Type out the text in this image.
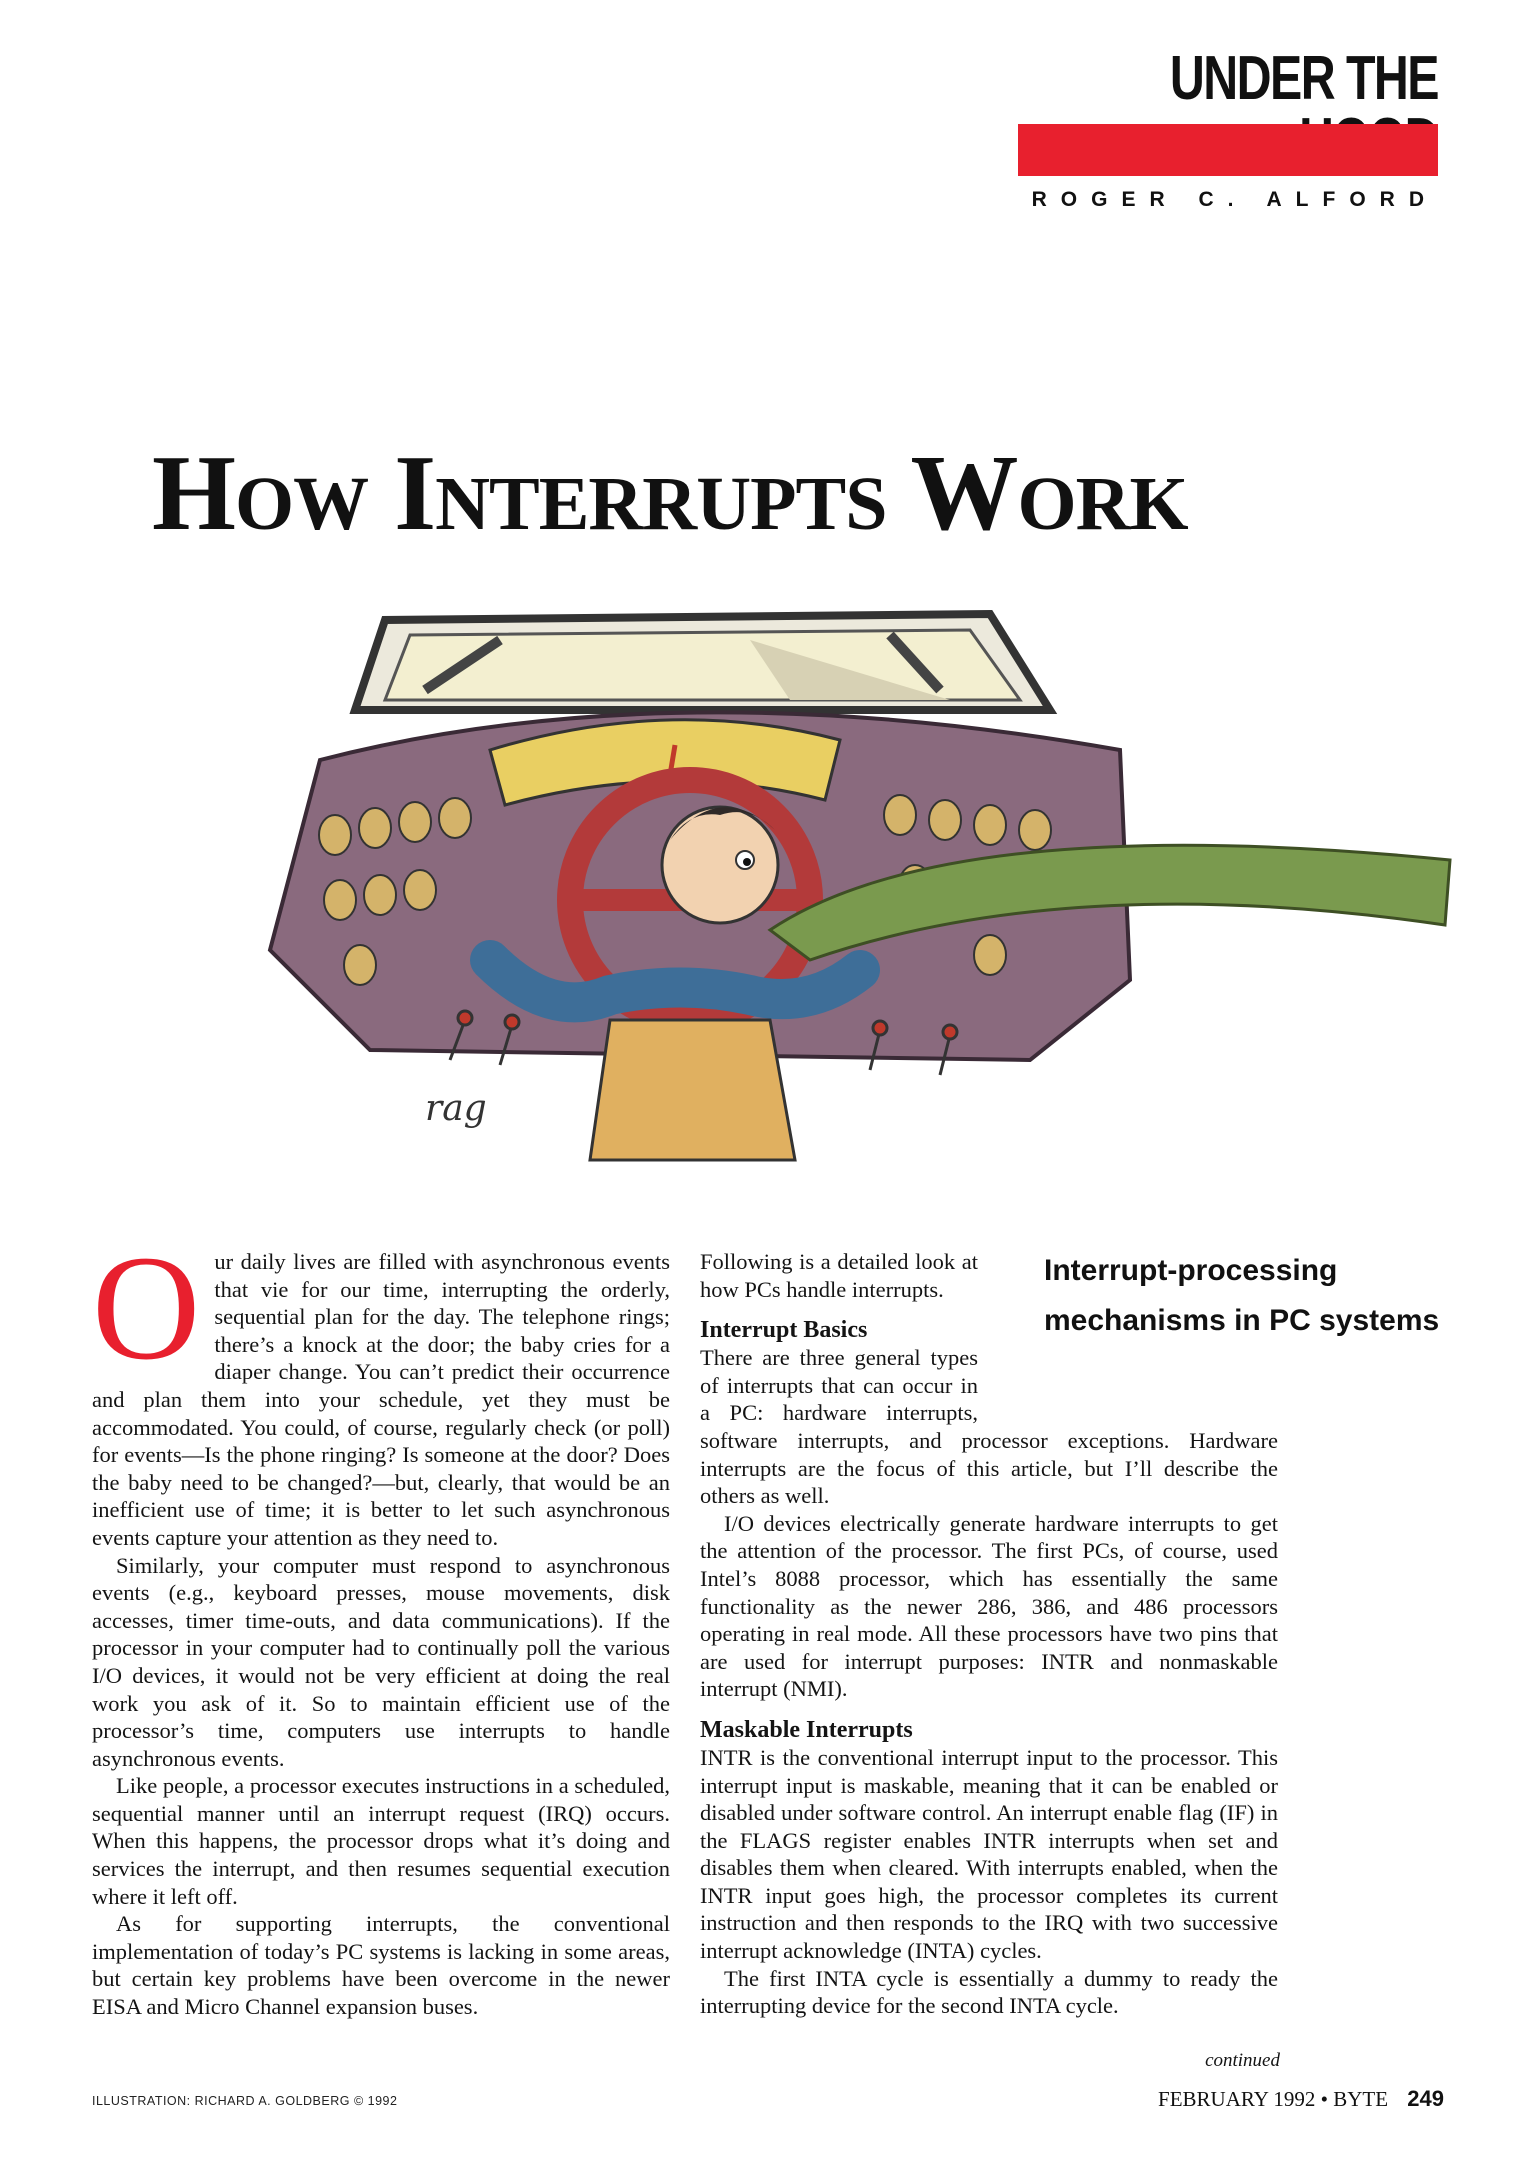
UNDER THE
ROGER C. ALFORD
How Interrupts Work
rag
Interrupt-processing mechanisms in PC systems
O ur daily lives are filled with asynchronous events that vie for our time, interrupting the orderly, sequential plan for the day. The telephone rings; there’s a knock at the door; the baby cries for a diaper change. You can’t predict their occurrence and plan them into your schedule, yet they must be accommodated. You could, of course, regularly check (or poll) for events—Is the phone ringing? Is someone at the door? Does the baby need to be changed?—but, clearly, that would be an inefficient use of time; it is better to let such asynchronous events capture your attention as they need to.

Similarly, your computer must respond to asynchronous events (e.g., keyboard presses, mouse movements, disk accesses, timer time-outs, and data communications). If the processor in your computer had to continually poll the various I/O devices, it would not be very efficient at doing the real work you ask of it. So to maintain efficient use of the processor’s time, computers use interrupts to handle asynchronous events.

Like people, a processor executes instructions in a scheduled, sequential manner until an interrupt request (IRQ) occurs. When this happens, the processor drops what it’s doing and services the interrupt, and then resumes sequential execution where it left off.

As for supporting interrupts, the conventional implementation of today’s PC systems is lacking in some areas, but certain key problems have been overcome in the newer EISA and Micro Channel expansion buses.

Following is a detailed look at how PCs handle interrupts.

Interrupt Basics

There are three general types of interrupts that can occur in a PC: hardware interrupts, software interrupts, and processor exceptions. Hardware interrupts are the focus of this article, but I’ll describe the others as well.

I/O devices electrically generate hardware interrupts to get the attention of the processor. The first PCs, of course, used Intel’s 8088 processor, which has essentially the same functionality as the newer 286, 386, and 486 processors operating in real mode. All these processors have two pins that are used for interrupt purposes: INTR and nonmaskable interrupt (NMI).

Maskable Interrupts

INTR is the conventional interrupt input to the processor. This interrupt input is maskable, meaning that it can be enabled or disabled under software control. An interrupt enable flag (IF) in the FLAGS register enables INTR interrupts when set and disables them when cleared. With interrupts enabled, when the INTR input goes high, the processor completes its current instruction and then responds to the IRQ with two successive interrupt acknowledge (INTA) cycles.

The first INTA cycle is essentially a dummy to ready the interrupting device for the second INTA cycle.

continued
ILLUSTRATION: RICHARD A. GOLDBERG © 1992	FEBRUARY 1992 • BYTE 249
